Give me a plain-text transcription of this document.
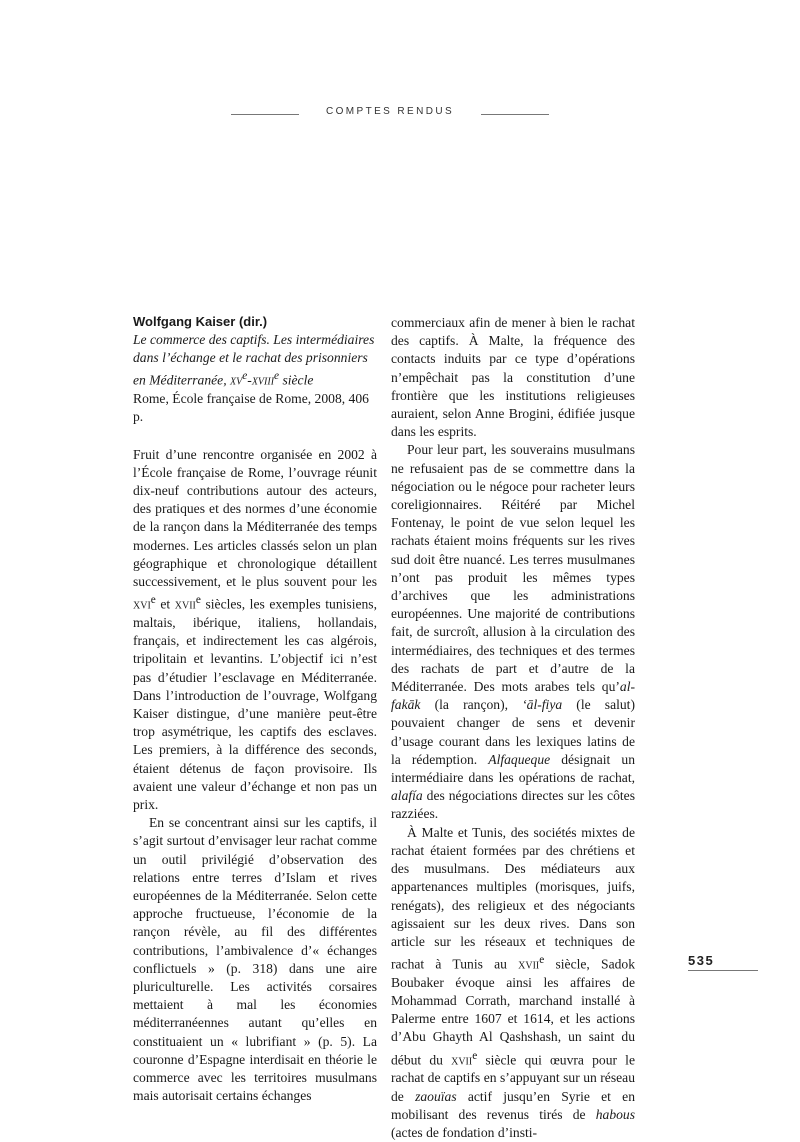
COMPTES RENDUS

Wolfgang Kaiser (dir.)

Le commerce des captifs. Les intermédiaires dans l’échange et le rachat des prisonniers en Méditerranée, $xv^e-xviii^e$ siècle

Rome, École française de Rome, 2008, 406 p.

Fruit d’une rencontre organisée en 2002 à l’École française de Rome, l’ouvrage réunit dix-neuf contributions autour des acteurs, des pratiques et des normes d’une économie de la rançon dans la Méditerranée des temps modernes. Les articles classés selon un plan géographique et chronologique détaillent successivement, et le plus souvent pour les xvi$^e$ et xvii$^e$ siècles, les exemples tunisiens, maltais, ibérique, italiens, hollandais, français, et indirectement les cas algérois, tripolitain et levantins. L’objectif ici n’est pas d’étudier l’esclavage en Méditerranée. Dans l’introduction de l’ouvrage, Wolfgang Kaiser distingue, d’une manière peut-être trop asymétrique, les captifs des esclaves. Les premiers, à la différence des seconds, étaient détenus de façon provisoire. Ils avaient une valeur d’échange et non pas un prix.

En se concentrant ainsi sur les captifs, il s’agit surtout d’envisager leur rachat comme un outil privilégié d’observation des relations entre terres d’Islam et rives européennes de la Méditerranée. Selon cette approche fructueuse, l’économie de la rançon révèle, au fil des différentes contributions, l’ambivalence d’« échanges conflictuels » (p. 318) dans une aire pluriculturelle. Les activités corsaires mettaient à mal les économies méditerranéennes autant qu’elles en constituaient un « lubrifiant » (p. 5). La couronne d’Espagne interdisait en théorie le commerce avec les territoires musulmans mais autorisait certains échanges

commerciaux afin de mener à bien le rachat des captifs. À Malte, la fréquence des contacts induits par ce type d’opérations n’empêchait pas la constitution d’une frontière que les institutions religieuses auraient, selon Anne Brogini, édifiée jusque dans les esprits.

Pour leur part, les souverains musulmans ne refusaient pas de se commettre dans la négociation ou le négoce pour racheter leurs coreligionnaires. Réitéré par Michel Fontenay, le point de vue selon lequel les rachats étaient moins fréquents sur les rives sud doit être nuancé. Les terres musulmanes n’ont pas produit les mêmes types d’archives que les administrations européennes. Une majorité de contributions fait, de surcroît, allusion à la circulation des intermédiaires, des techniques et des termes des rachats de part et d’autre de la Méditerranée. Des mots arabes tels qu’al-fakāk (la rançon), ‘āl-fiya (le salut) pouvaient changer de sens et devenir d’usage courant dans les lexiques latins de la rédemption. Alfaqueque désignait un intermédiaire dans les opérations de rachat, alafía des négociations directes sur les côtes razziées.

À Malte et Tunis, des sociétés mixtes de rachat étaient formées par des chrétiens et des musulmans. Des médiateurs aux appartenances multiples (morisques, juifs, renégats), des religieux et des négociants agissaient sur les deux rives. Dans son article sur les réseaux et techniques de rachat à Tunis au xvii$^e$ siècle, Sadok Boubaker évoque ainsi les affaires de Mohammad Corrath, marchand installé à Palerme entre 1607 et 1614, et les actions d’Abu Ghayth Al Qashshash, un saint du début du xvii$^e$ siècle qui œuvra pour le rachat de captifs en s’appuyant sur un réseau de zaouïas actif jusqu’en Syrie et en mobilisant des revenus tirés de habous (actes de fondation d’insti-

535
